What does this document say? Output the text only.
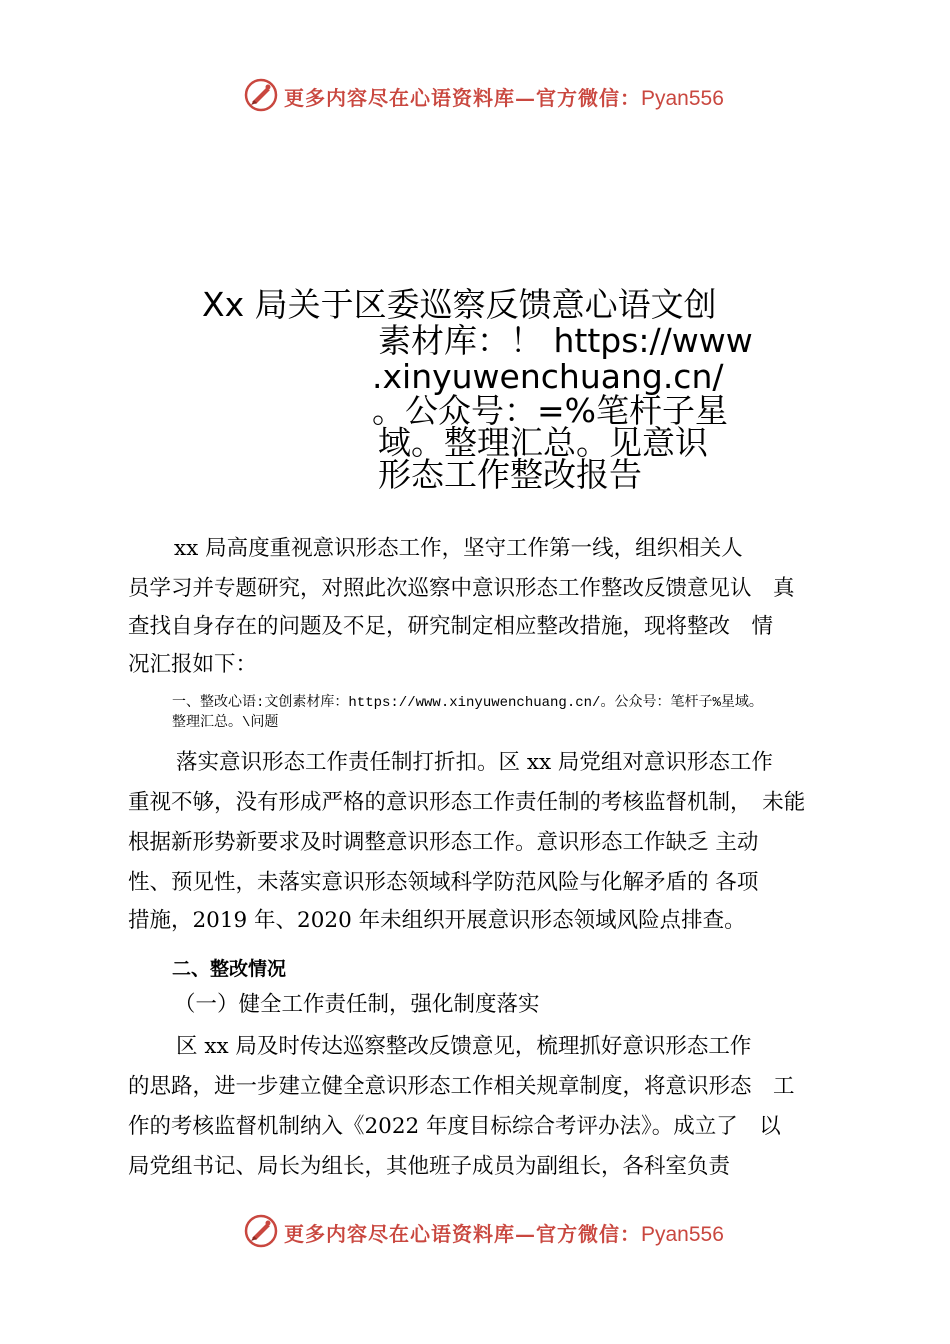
更多内容尽在心语资料库—官方微信：Pyan556
Xx 局关于区委巡察反馈意心语文创
素材库：！ https://www
.xinyuwenchuang.cn/
。公众号：=%笔杆子星
域。整理汇总。见意识
形态工作整改报告
xx 局高度重视意识形态工作，坚守工作第一线，组织相关人
员学习并专题研究，对照此次巡察中意识形态工作整改反馈意见认　真
查找自身存在的问题及不足，研究制定相应整改措施，现将整改　情
况汇报如下：
一、整改心语:文创素材库：https://www.xinyuwenchuang.cn/。公众号：笔杆子%星域。
整理汇总。\问题
落实意识形态工作责任制打折扣。区 xx 局党组对意识形态工作
重视不够，没有形成严格的意识形态工作责任制的考核监督机制，　未能
根据新形势新要求及时调整意识形态工作。意识形态工作缺乏 主动
性、预见性，未落实意识形态领域科学防范风险与化解矛盾的 各项
措施，2019 年、2020 年未组织开展意识形态领域风险点排查。
二、整改情况
（一）健全工作责任制，强化制度落实
区 xx 局及时传达巡察整改反馈意见，梳理抓好意识形态工作
的思路，进一步建立健全意识形态工作相关规章制度，将意识形态　工
作的考核监督机制纳入《2022 年度目标综合考评办法》。成立了　以
局党组书记、局长为组长，其他班子成员为副组长，各科室负责
更多内容尽在心语资料库—官方微信：Pyan556
